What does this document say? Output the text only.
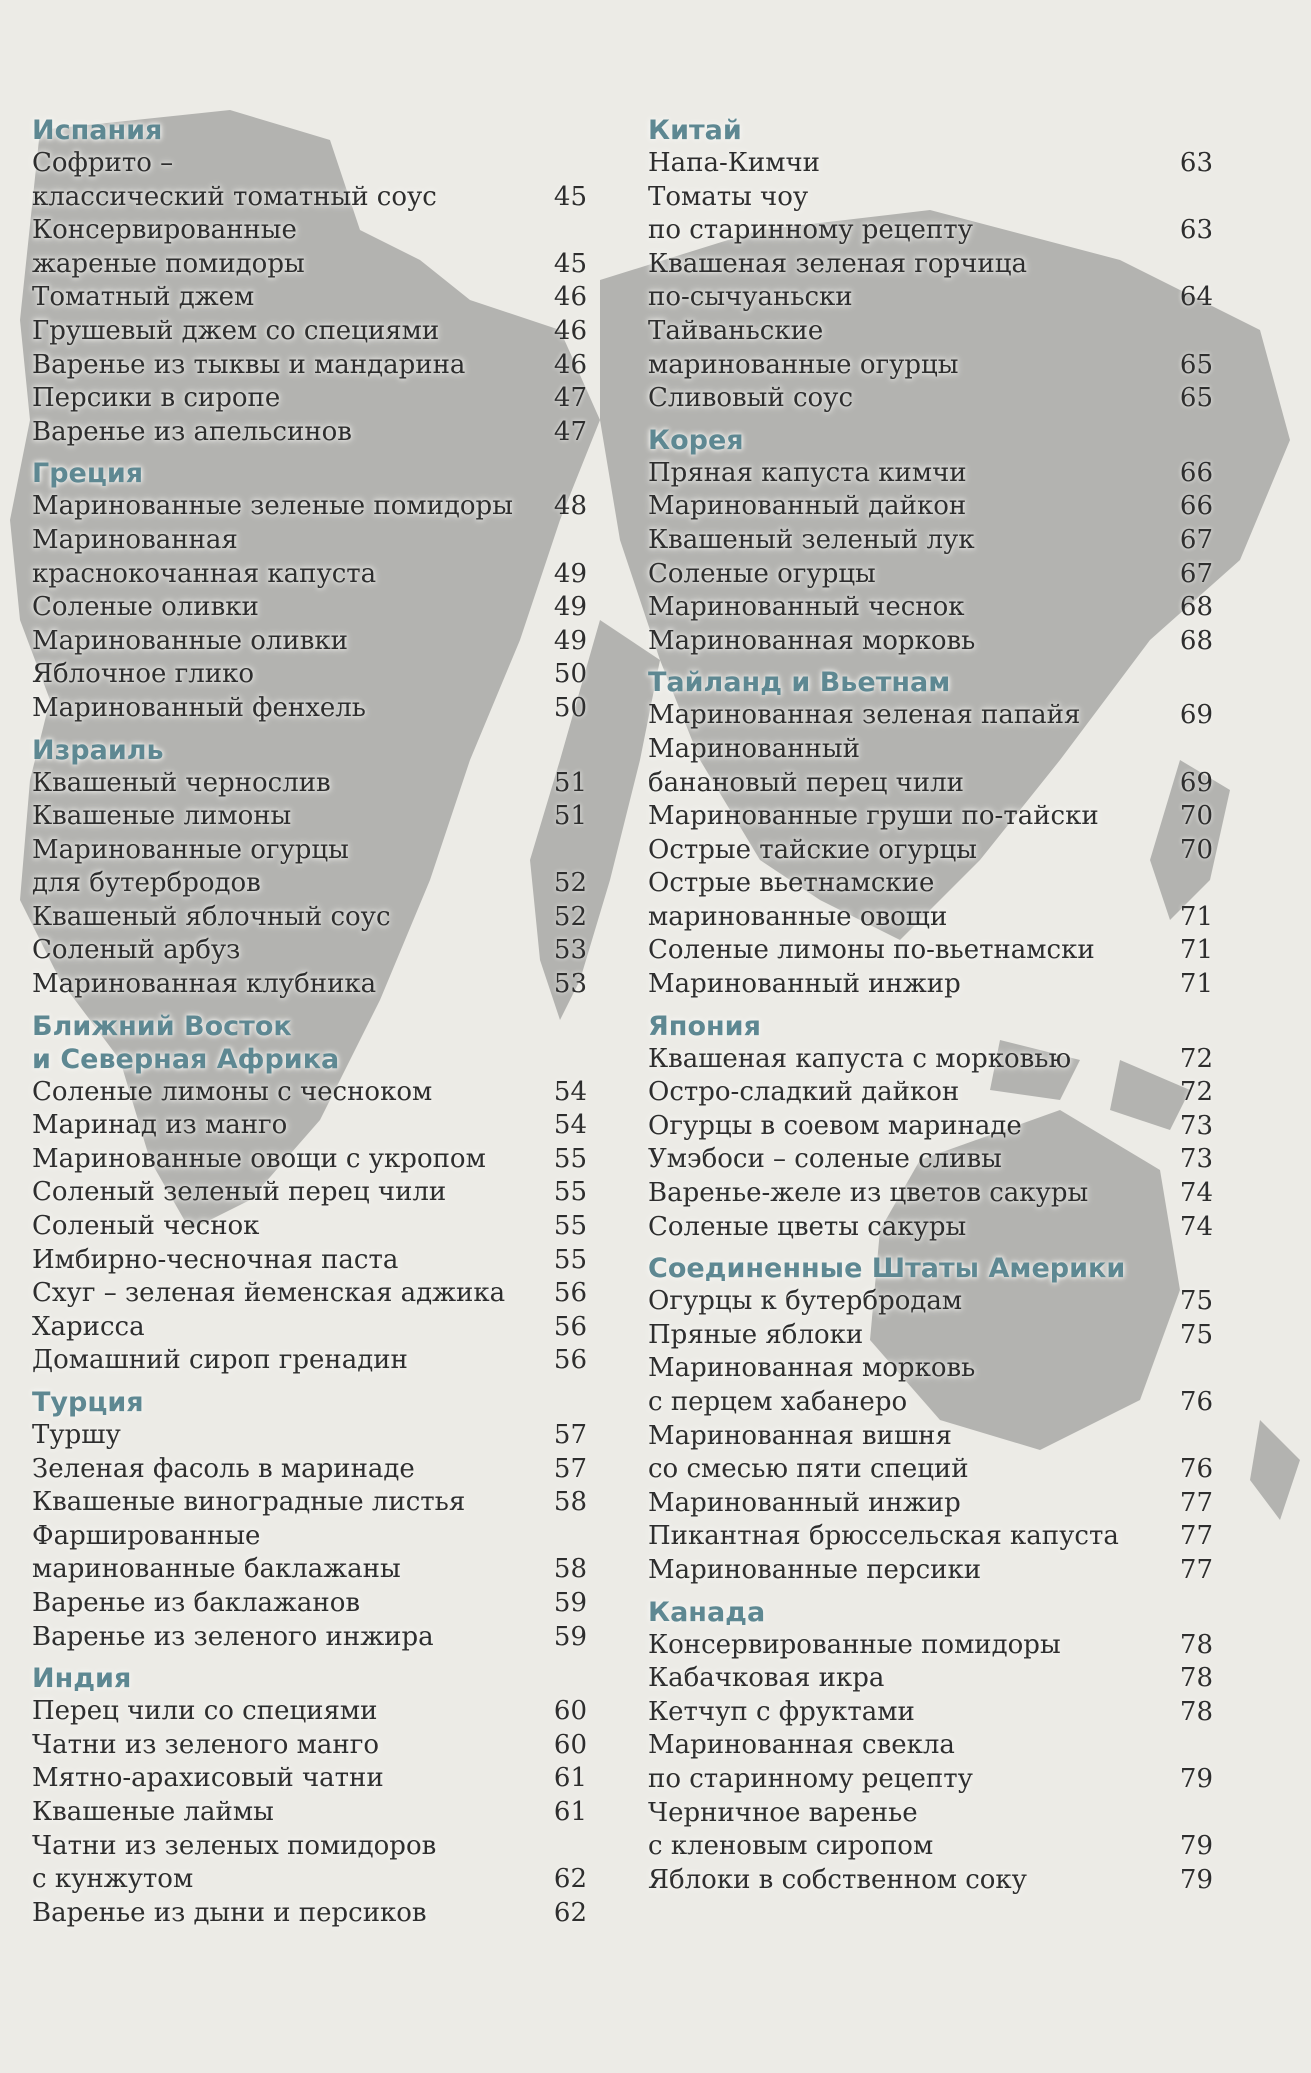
Испания
Софрито –
классический томатный соус	45
Консервированные
жареные помидоры	45
Томатный джем	46
Грушевый джем со специями	46
Варенье из тыквы и мандарина	46
Персики в сиропе	47
Варенье из апельсинов	47
Греция
Маринованные зеленые помидоры	48
Маринованная
краснокочанная капуста	49
Соленые оливки	49
Маринованные оливки	49
Яблочное глико	50
Маринованный фенхель	50
Израиль
Квашеный чернослив	51
Квашеные лимоны	51
Маринованные огурцы
для бутербродов	52
Квашеный яблочный соус	52
Соленый арбуз	53
Маринованная клубника	53
Ближний Восток
и Северная Африка
Соленые лимоны с чесноком	54
Маринад из манго	54
Маринованные овощи с укропом	55
Соленый зеленый перец чили	55
Соленый чеснок	55
Имбирно-чесночная паста	55
Схуг – зеленая йеменская аджика	56
Харисса	56
Домашний сироп гренадин	56
Турция
Туршу	57
Зеленая фасоль в маринаде	57
Квашеные виноградные листья	58
Фаршированные
маринованные баклажаны	58
Варенье из баклажанов	59
Варенье из зеленого инжира	59
Индия
Перец чили со специями	60
Чатни из зеленого манго	60
Мятно-арахисовый чатни	61
Квашеные лаймы	61
Чатни из зеленых помидоров
с кунжутом	62
Варенье из дыни и персиков	62
Китай
Напа-Кимчи	63
Томаты чоу
по старинному рецепту	63
Квашеная зеленая горчица
по-сычуаньски	64
Тайваньские
маринованные огурцы	65
Сливовый соус	65
Корея
Пряная капуста кимчи	66
Маринованный дайкон	66
Квашеный зеленый лук	67
Соленые огурцы	67
Маринованный чеснок	68
Маринованная морковь	68
Тайланд и Вьетнам
Маринованная зеленая папайя	69
Маринованный
банановый перец чили	69
Маринованные груши по-тайски	70
Острые тайские огурцы	70
Острые вьетнамские
маринованные овощи	71
Соленые лимоны по-вьетнамски	71
Маринованный инжир	71
Япония
Квашеная капуста с морковью	72
Остро-сладкий дайкон	72
Огурцы в соевом маринаде	73
Умэбоси – соленые сливы	73
Варенье-желе из цветов сакуры	74
Соленые цветы сакуры	74
Соединенные Штаты Америки
Огурцы к бутербродам	75
Пряные яблоки	75
Маринованная морковь
с перцем хабанеро	76
Маринованная вишня
со смесью пяти специй	76
Маринованный инжир	77
Пикантная брюссельская капуста	77
Маринованные персики	77
Канада
Консервированные помидоры	78
Кабачковая икра	78
Кетчуп с фруктами	78
Маринованная свекла
по старинному рецепту	79
Черничное варенье
с кленовым сиропом	79
Яблоки в собственном соку	79
